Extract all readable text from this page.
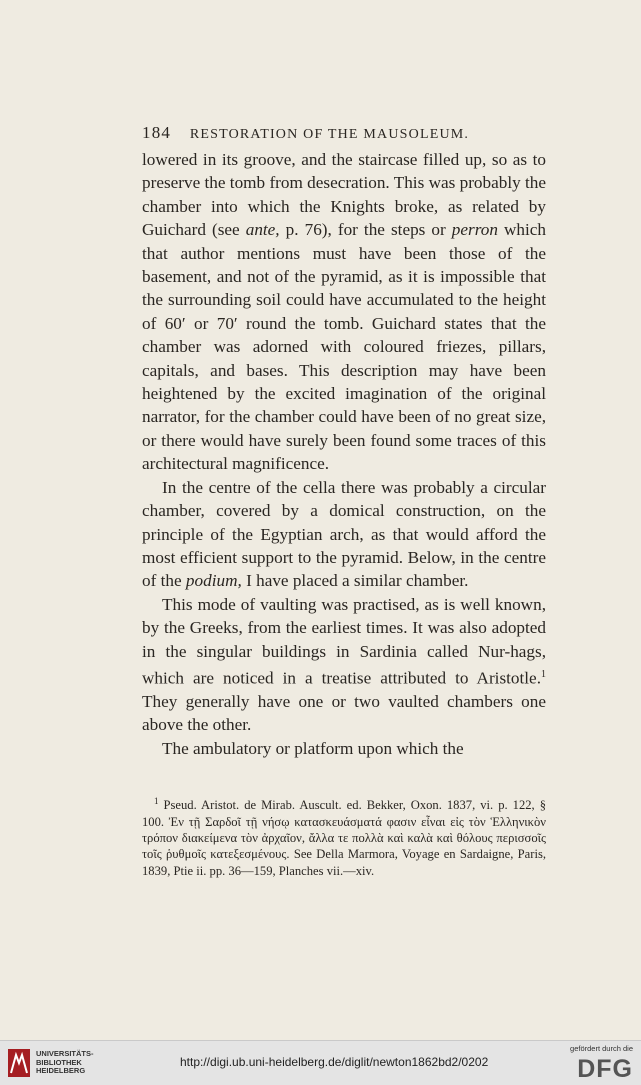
184 RESTORATION OF THE MAUSOLEUM.

lowered in its groove, and the staircase filled up, so as to preserve the tomb from desecration. This was probably the chamber into which the Knights broke, as related by Guichard (see ante, p. 76), for the steps or perron which that author mentions must have been those of the basement, and not of the pyramid, as it is impossible that the surrounding soil could have accumulated to the height of 60′ or 70′ round the tomb. Guichard states that the chamber was adorned with coloured friezes, pillars, capitals, and bases. This description may have been heightened by the excited imagination of the original narrator, for the chamber could have been of no great size, or there would have surely been found some traces of this architectural magnificence.

In the centre of the cella there was probably a circular chamber, covered by a domical construction, on the principle of the Egyptian arch, as that would afford the most efficient support to the pyramid. Below, in the centre of the podium, I have placed a similar chamber.

This mode of vaulting was practised, as is well known, by the Greeks, from the earliest times. It was also adopted in the singular buildings in Sardinia called Nur-hags, which are noticed in a treatise attributed to Aristotle.$^1$ They generally have one or two vaulted chambers one above the other.

The ambulatory or platform upon which the

$^1$ Pseud. Aristot. de Mirab. Auscult. ed. Bekker, Oxon. 1837, vi. p. 122, § 100. Ἐν τῇ Σαρδοῖ τῇ νήσῳ κατασκευάσματά φασιν εἶναι εἰς τὸν Ἑλληνικὸν τρόπον διακείμενα τὸν ἀρχαῖον, ἄλλα τε πολλὰ καὶ καλὰ καὶ θόλους περισσοῖς τοῖς ῥυθμοῖς κατεξεσμένους. See Della Marmora, Voyage en Sardaigne, Paris, 1839, Ptie ii. pp. 36—159, Planches vii.—xiv.

UNIVERSITÄTS- BIBLIOTHEK HEIDELBERG
http://digi.ub.uni-heidelberg.de/diglit/newton1862bd2/0202
gefördert durch die
DFG
